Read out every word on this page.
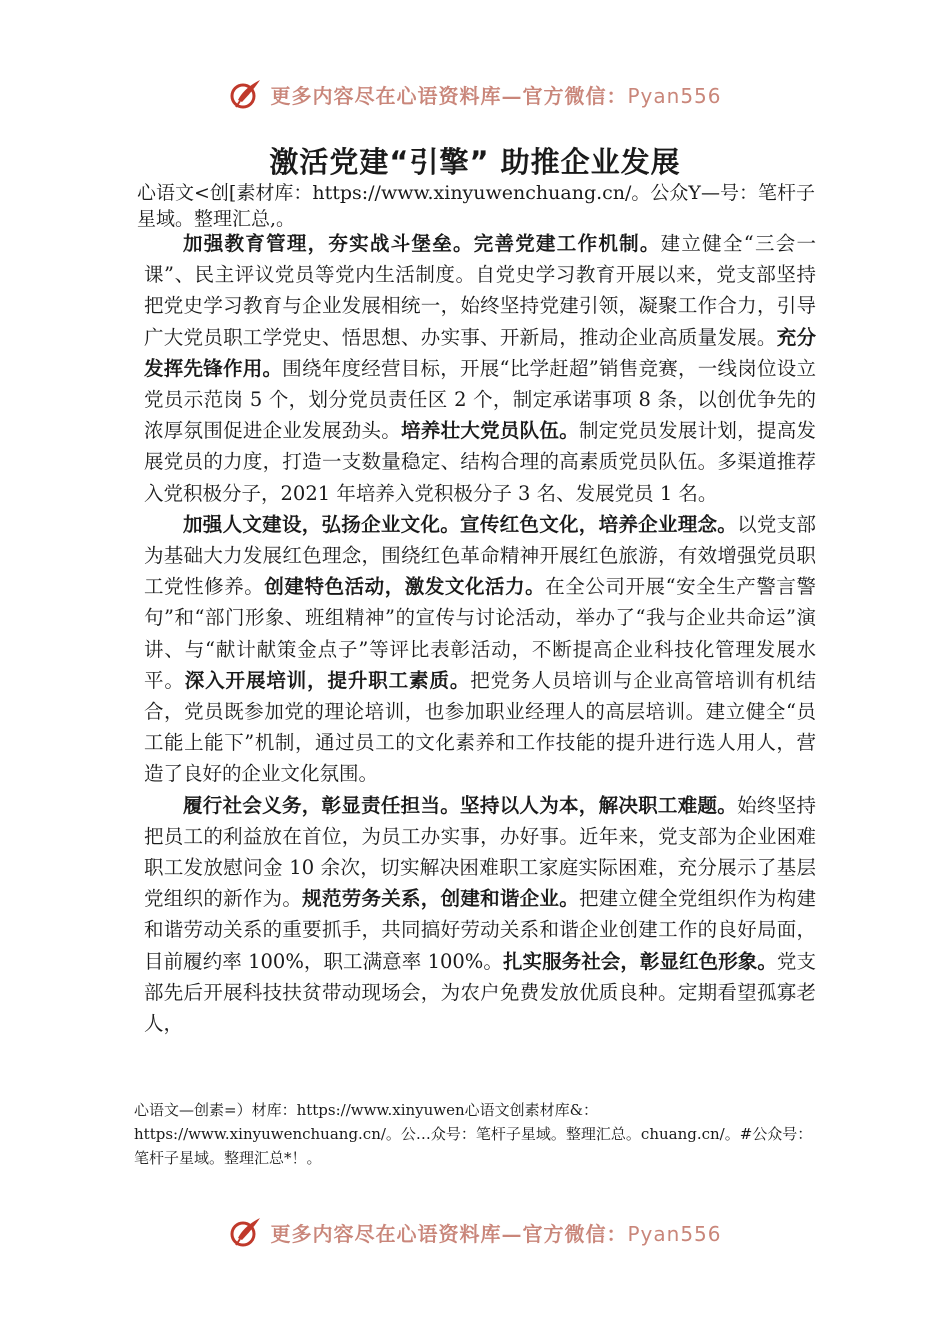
更多内容尽在心语资料库—官方微信：Pyan556
激活党建“引擎” 助推企业发展

心语文<创[素材库：https://www.xinyuwenchuang.cn/。公众Y—号：笔杆子星域。整理汇总,。

加强教育管理，夯实战斗堡垒。完善党建工作机制。建立健全“三会一课”、民主评议党员等党内生活制度。自党史学习教育开展以来，党支部坚持把党史学习教育与企业发展相统一，始终坚持党建引领，凝聚工作合力，引导广大党员职工学党史、悟思想、办实事、开新局，推动企业高质量发展。充分发挥先锋作用。围绕年度经营目标，开展“比学赶超”销售竞赛，一线岗位设立党员示范岗 5 个，划分党员责任区 2 个，制定承诺事项 8 条，以创优争先的浓厚氛围促进企业发展劲头。培养壮大党员队伍。制定党员发展计划，提高发展党员的力度，打造一支数量稳定、结构合理的高素质党员队伍。多渠道推荐入党积极分子，2021 年培养入党积极分子 3 名、发展党员 1 名。

加强人文建设，弘扬企业文化。宣传红色文化，培养企业理念。以党支部为基础大力发展红色理念，围绕红色革命精神开展红色旅游，有效增强党员职工党性修养。创建特色活动，激发文化活力。在全公司开展“安全生产警言警句”和“部门形象、班组精神”的宣传与讨论活动，举办了“我与企业共命运”演讲、与“献计献策金点子”等评比表彰活动，不断提高企业科技化管理发展水平。深入开展培训，提升职工素质。把党务人员培训与企业高管培训有机结合，党员既参加党的理论培训，也参加职业经理人的高层培训。建立健全“员工能上能下”机制，通过员工的文化素养和工作技能的提升进行选人用人，营造了良好的企业文化氛围。

履行社会义务，彰显责任担当。坚持以人为本，解决职工难题。始终坚持把员工的利益放在首位，为员工办实事，办好事。近年来，党支部为企业困难职工发放慰问金 10 余次，切实解决困难职工家庭实际困难，充分展示了基层党组织的新作为。规范劳务关系，创建和谐企业。把建立健全党组织作为构建和谐劳动关系的重要抓手，共同搞好劳动关系和谐企业创建工作的良好局面，目前履约率 100%，职工满意率 100%。扎实服务社会，彰显红色形象。党支部先后开展科技扶贫带动现场会，为农户免费发放优质良种。定期看望孤寡老人，

心语文—创素=）材库：https://www.xinyuwen心语文创素材库&：https://www.xinyuwenchuang.cn/。公…众号：笔杆子星域。整理汇总。chuang.cn/。#公众号：笔杆子星域。整理汇总*！。

更多内容尽在心语资料库—官方微信：Pyan556
